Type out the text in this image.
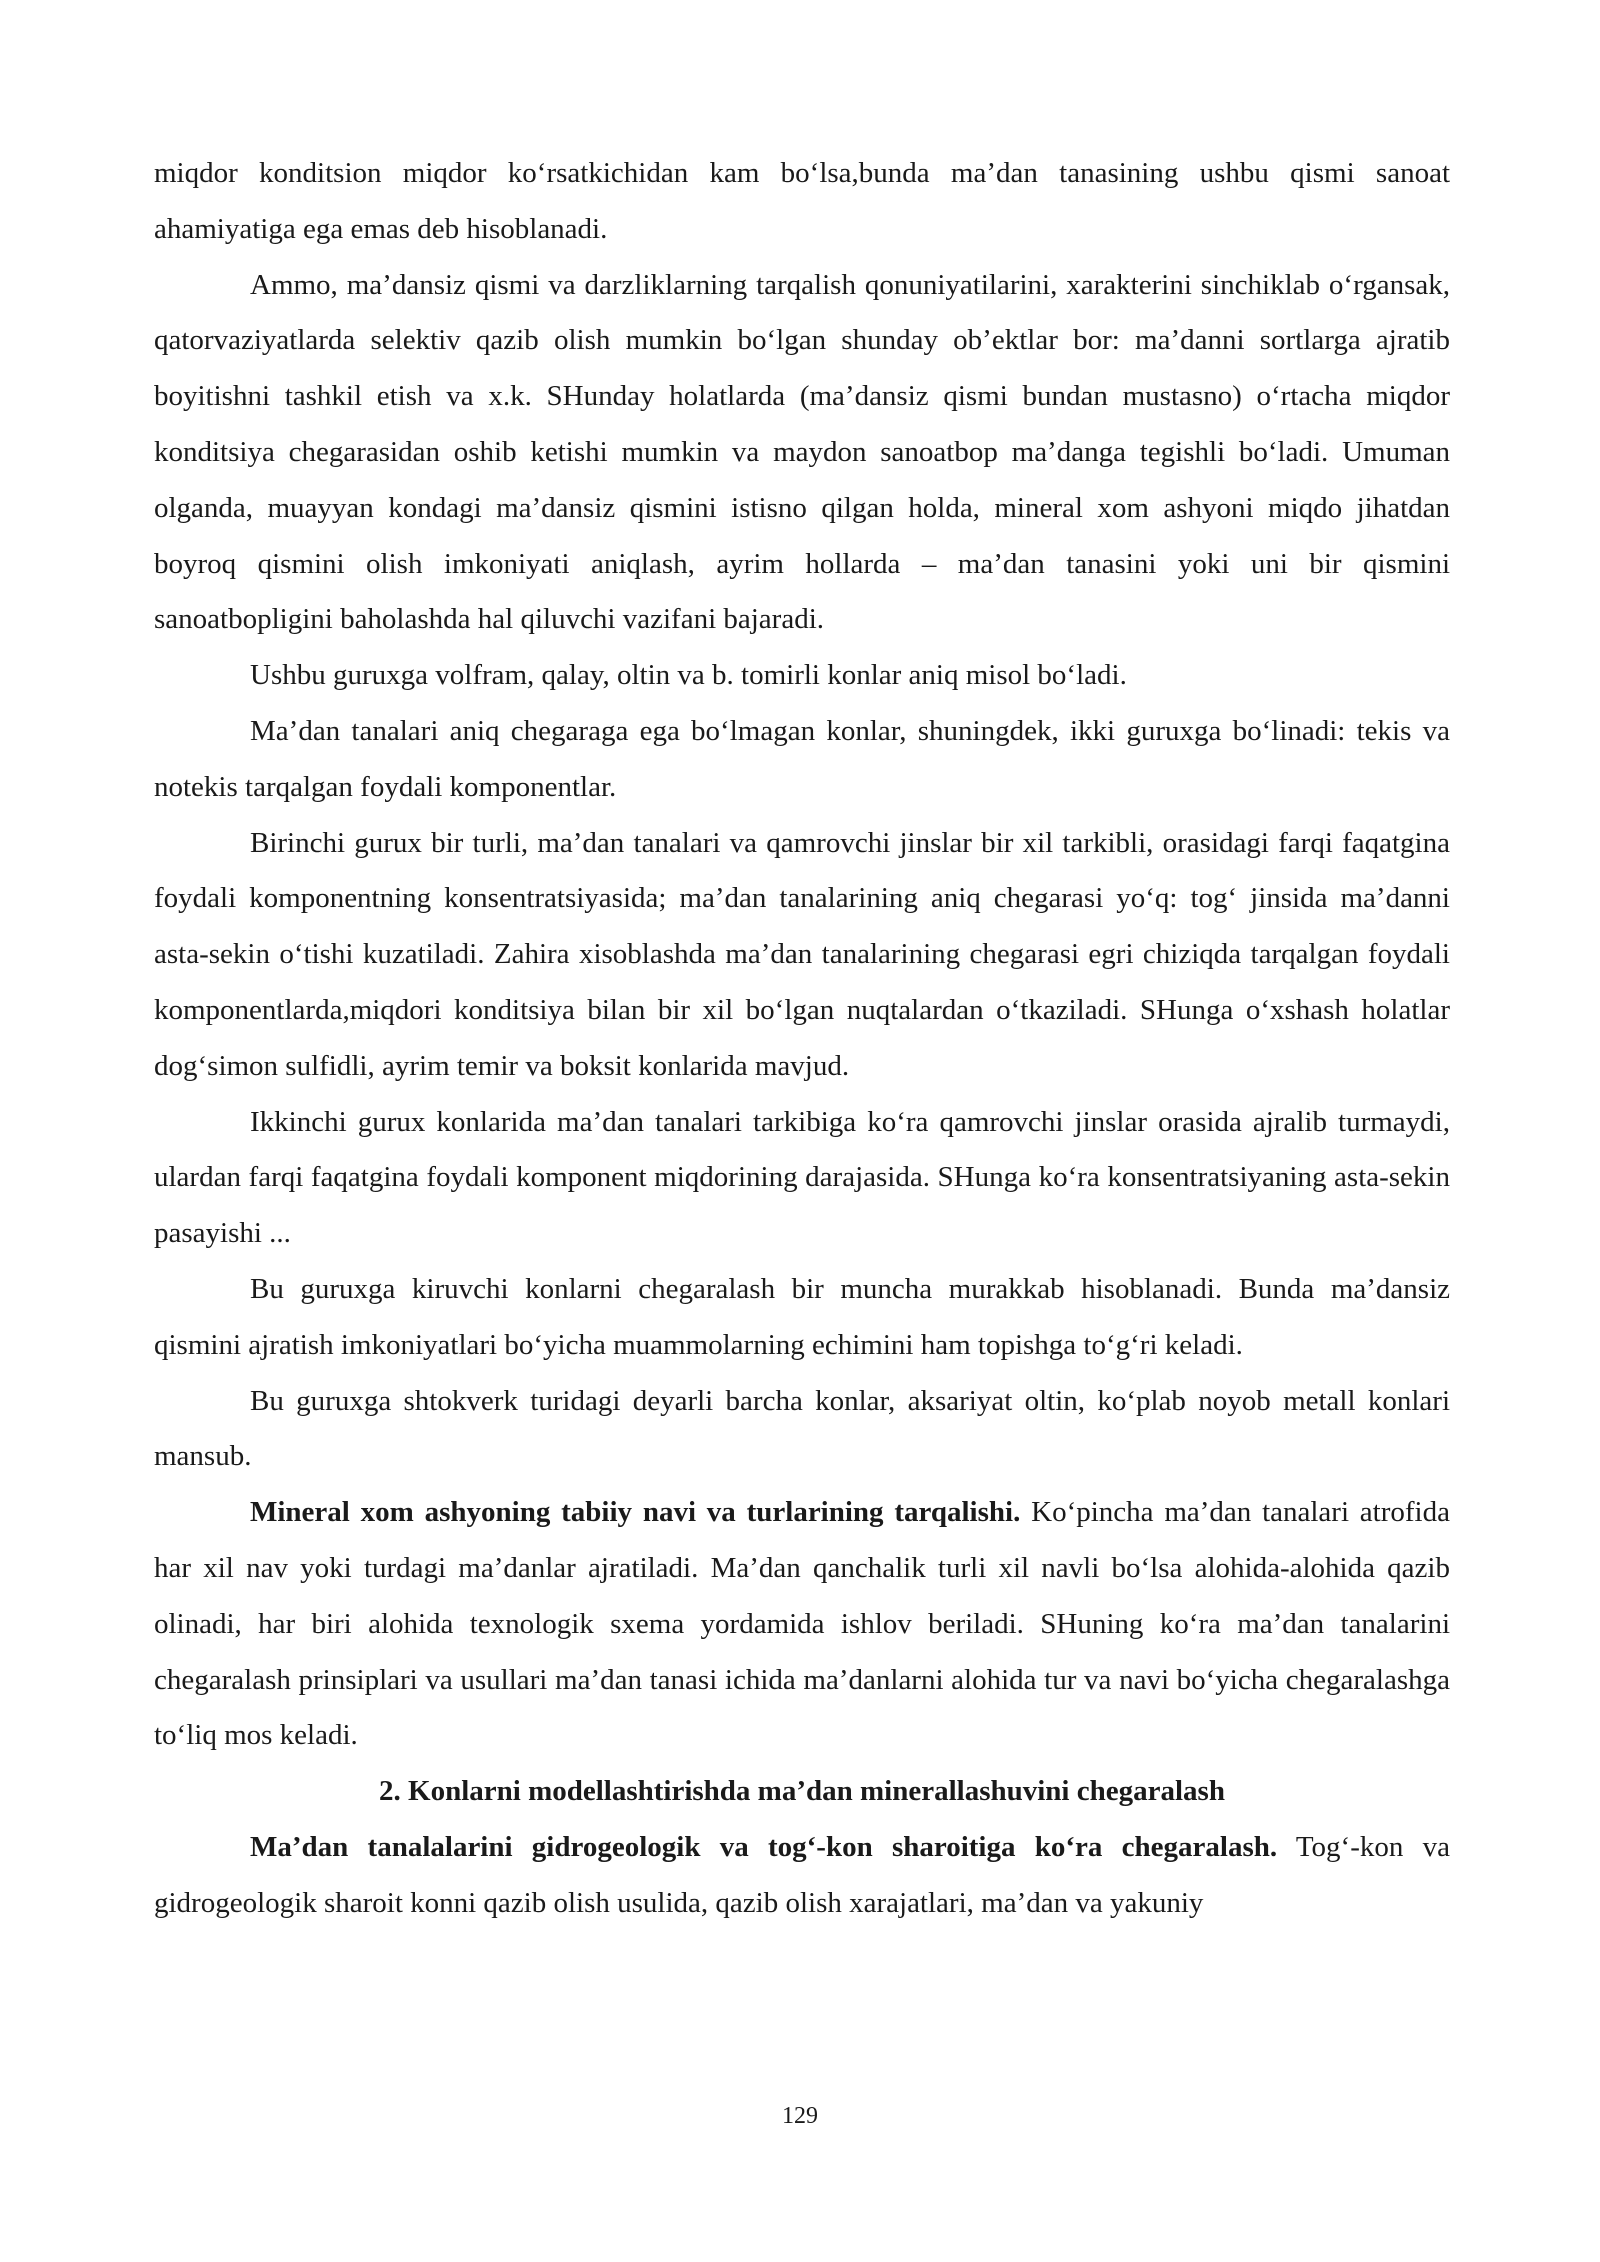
miqdor konditsion miqdor ko‘rsatkichidan kam bo‘lsa,bunda ma’dan tanasining ushbu qismi sanoat ahamiyatiga ega emas deb hisoblanadi.

Ammo, ma’dansiz qismi va darzliklarning tarqalish qonuniyatilarini, xarakterini sinchiklab o‘rgansak, qatorvaziyatlarda selektiv qazib olish mumkin bo‘lgan shunday ob’ektlar bor: ma’danni sortlarga ajratib boyitishni tashkil etish va x.k. SHunday holatlarda (ma’dansiz qismi bundan mustasno) o‘rtacha miqdor konditsiya chegarasidan oshib ketishi mumkin va maydon sanoatbop ma’danga tegishli bo‘ladi. Umuman olganda, muayyan kondagi ma’dansiz qismini istisno qilgan holda, mineral xom ashyoni miqdo jihatdan boyroq qismini olish imkoniyati aniqlash, ayrim hollarda – ma’dan tanasini yoki uni bir qismini sanoatbopligini baholashda hal qiluvchi vazifani bajaradi.

Ushbu guruxga volfram, qalay, oltin va b. tomirli konlar aniq misol bo‘ladi.

Ma’dan tanalari aniq chegaraga ega bo‘lmagan konlar, shuningdek, ikki guruxga bo‘linadi: tekis va notekis tarqalgan foydali komponentlar.

Birinchi gurux bir turli, ma’dan tanalari va qamrovchi jinslar bir xil tarkibli, orasidagi farqi faqatgina foydali komponentning konsentratsiyasida; ma’dan tanalarining aniq chegarasi yo‘q: tog‘ jinsida ma’danni asta-sekin o‘tishi kuzatiladi. Zahira xisoblashda ma’dan tanalarining chegarasi egri chiziqda tarqalgan foydali komponentlarda,miqdori konditsiya bilan bir xil bo‘lgan nuqtalardan o‘tkaziladi. SHunga o‘xshash holatlar dog‘simon sulfidli, ayrim temir va boksit konlarida mavjud.

Ikkinchi gurux konlarida ma’dan tanalari tarkibiga ko‘ra qamrovchi jinslar orasida ajralib turmaydi, ulardan farqi faqatgina foydali komponent miqdorining darajasida. SHunga ko‘ra konsentratsiyaning asta-sekin pasayishi ...

Bu guruxga kiruvchi konlarni chegaralash bir muncha murakkab hisoblanadi. Bunda ma’dansiz qismini ajratish imkoniyatlari bo‘yicha muammolarning echimini ham topishga to‘g‘ri keladi.

Bu guruxga shtokverk turidagi deyarli barcha konlar, aksariyat oltin, ko‘plab noyob metall konlari mansub.

Mineral xom ashyoning tabiiy navi va turlarining tarqalishi. Ko‘pincha ma’dan tanalari atrofida har xil nav yoki turdagi ma’danlar ajratiladi. Ma’dan qanchalik turli xil navli bo‘lsa alohida-alohida qazib olinadi, har biri alohida texnologik sxema yordamida ishlov beriladi. SHuning ko‘ra ma’dan tanalarini chegaralash prinsiplari va usullari ma’dan tanasi ichida ma’danlarni alohida tur va navi bo‘yicha chegaralashga to‘liq mos keladi.

2. Konlarni modellashtirishda ma’dan minerallashuvini chegaralash

Ma’dan tanalalarini gidrogeologik va tog‘-kon sharoitiga ko‘ra chegaralash. Tog‘-kon va gidrogeologik sharoit konni qazib olish usulida, qazib olish xarajatlari, ma’dan va yakuniy

129
